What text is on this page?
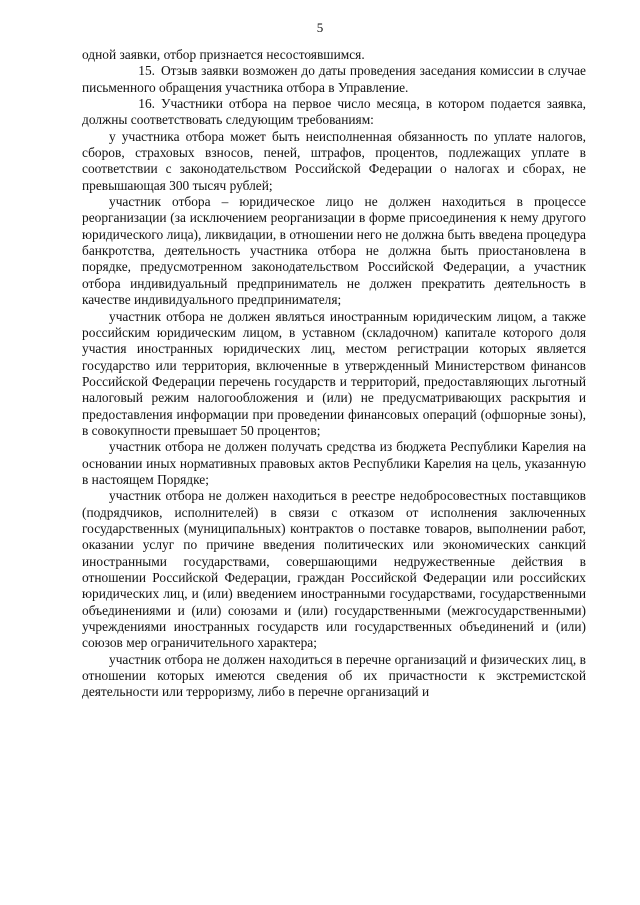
5

одной заявки, отбор признается несостоявшимся.

15. Отзыв заявки возможен до даты проведения заседания комиссии в случае письменного обращения участника отбора в Управление.

16. Участники отбора на первое число месяца, в котором подается заявка, должны соответствовать следующим требованиям:

у участника отбора может быть неисполненная обязанность по уплате налогов, сборов, страховых взносов, пеней, штрафов, процентов, подлежащих уплате в соответствии с законодательством Российской Федерации о налогах и сборах, не превышающая 300 тысяч рублей;

участник отбора – юридическое лицо не должен находиться в процессе реорганизации (за исключением реорганизации в форме присоединения к нему другого юридического лица), ликвидации, в отношении него не должна быть введена процедура банкротства, деятельность участника отбора не должна быть приостановлена в порядке, предусмотренном законодательством Российской Федерации, а участник отбора индивидуальный предприниматель не должен прекратить деятельность в качестве индивидуального предпринимателя;

участник отбора не должен являться иностранным юридическим лицом, а также российским юридическим лицом, в уставном (складочном) капитале которого доля участия иностранных юридических лиц, местом регистрации которых является государство или территория, включенные в утвержденный Министерством финансов Российской Федерации перечень государств и территорий, предоставляющих льготный налоговый режим налогообложения и (или) не предусматривающих раскрытия и предоставления информации при проведении финансовых операций (офшорные зоны), в совокупности превышает 50 процентов;

участник отбора не должен получать средства из бюджета Республики Карелия на основании иных нормативных правовых актов Республики Карелия на цель, указанную в настоящем Порядке;

участник отбора не должен находиться в реестре недобросовестных поставщиков (подрядчиков, исполнителей) в связи с отказом от исполнения заключенных государственных (муниципальных) контрактов о поставке товаров, выполнении работ, оказании услуг по причине введения политических или экономических санкций иностранными государствами, совершающими недружественные действия в отношении Российской Федерации, граждан Российской Федерации или российских юридических лиц, и (или) введением иностранными государствами, государственными объединениями и (или) союзами и (или) государственными (межгосударственными) учреждениями иностранных государств или государственных объединений и (или) союзов мер ограничительного характера;

участник отбора не должен находиться в перечне организаций и физических лиц, в отношении которых имеются сведения об их причастности к экстремистской деятельности или терроризму, либо в перечне организаций и
